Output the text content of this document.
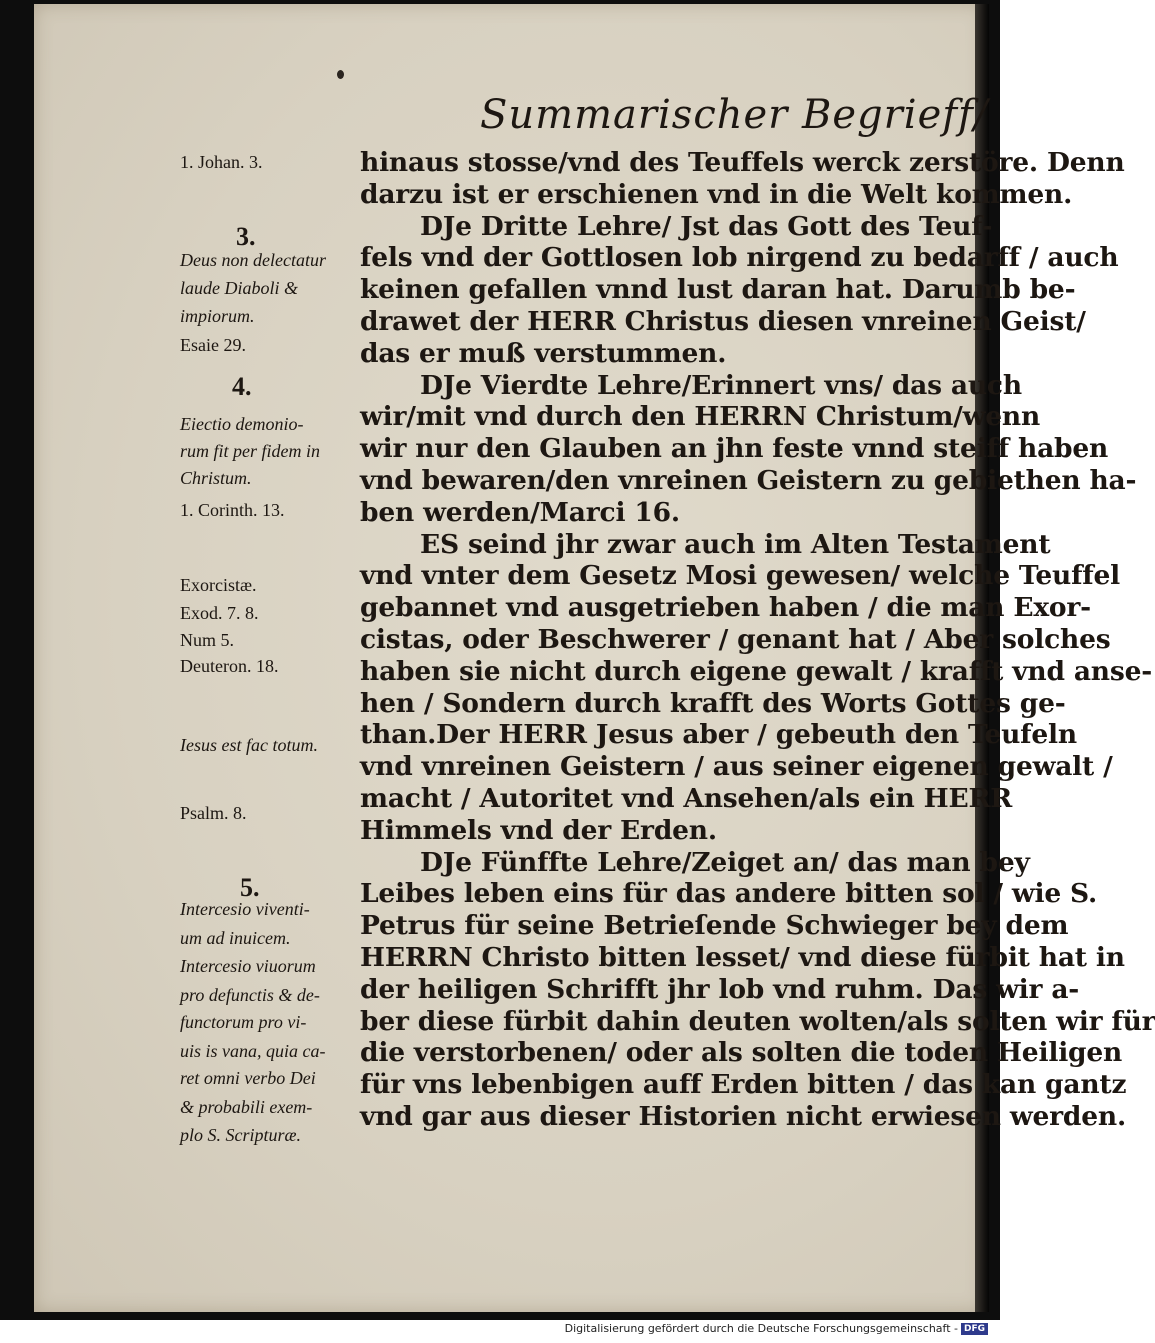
Summarischer Begrieff/
hinaus stosse/vnd des Teuffels werck zerstöre. Denn
darzu ist er erschienen vnd in die Welt kommen.
DJe Dritte Lehre/ Jst das Gott des Teuf-
fels vnd der Gottlosen lob nirgend zu bedarff / auch
keinen gefallen vnnd lust daran hat. Darumb be-
drawet der HERR Christus diesen vnreinen Geist/
das er muß verstummen.
DJe Vierdte Lehre/Erinnert vns/ das auch
wir/mit vnd durch den HERRN Christum/wenn
wir nur den Glauben an jhn feste vnnd steiff haben
vnd bewaren/den vnreinen Geistern zu gebiethen ha-
ben werden/Marci 16.
ES seind jhr zwar auch im Alten Testament
vnd vnter dem Gesetz Mosi gewesen/ welche Teuffel
gebannet vnd ausgetrieben haben / die man Exor-
cistas, oder Beschwerer / genant hat / Aber solches
haben sie nicht durch eigene gewalt / krafft vnd anse-
hen / Sondern durch krafft des Worts Gottes ge-
than.Der HERR Jesus aber / gebeuth den Teufeln
vnd vnreinen Geistern / aus seiner eigenen gewalt /
macht / Autoritet vnd Ansehen/als ein HERR
Himmels vnd der Erden.
DJe Fünffte Lehre/Zeiget an/ das man bey
Leibes leben eins für das andere bitten sol / wie S.
Petrus für seine Betrieſende Schwieger bey dem
HERRN Christo bitten lesset/ vnd diese fürbit hat in
der heiligen Schrifft jhr lob vnd ruhm. Das wir a-
ber diese fürbit dahin deuten wolten/als solten wir für
die verstorbenen/ oder als solten die toden Heiligen
für vns lebenbigen auff Erden bitten / das kan gantz
vnd gar aus dieser Historien nicht erwiesen werden.
1. Johan. 3.
3.
Deus non delectatur
laude Diaboli &
impiorum.
Esaie 29.
4.
Eiectio demonio-
rum fit per fidem in
Christum.
1. Corinth. 13.
Exorcistæ.
Exod. 7. 8.
Num 5.
Deuteron. 18.
Iesus est fac totum.
Psalm. 8.
5.
Intercesio viventi-
um ad inuicem.
Intercesio viuorum
pro defunctis & de-
functorum pro vi-
uis is vana, quia ca-
ret omni verbo Dei
& probabili exem-
plo S. Scripturæ.
Digitalisierung gefördert durch die Deutsche Forschungsgemeinschaft - DFG
